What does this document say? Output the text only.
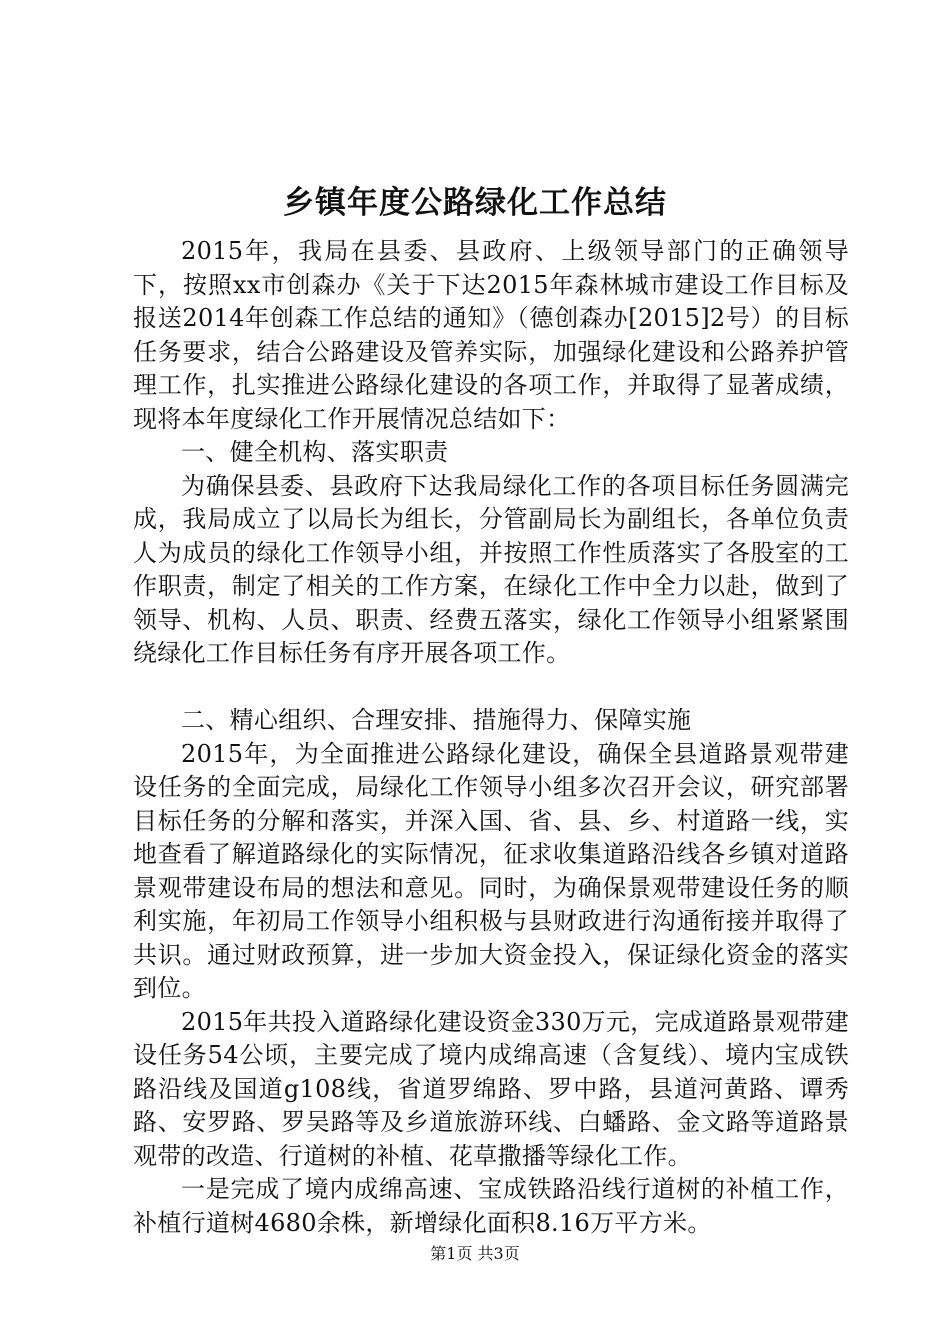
乡镇年度公路绿化工作总结

2015年，我局在县委、县政府、上级领导部门的正确领导下，按照xx市创森办《关于下达2015年森林城市建设工作目标及报送2014年创森工作总结的通知》（德创森办[2015]2号）的目标任务要求，结合公路建设及管养实际，加强绿化建设和公路养护管理工作，扎实推进公路绿化建设的各项工作，并取得了显著成绩，现将本年度绿化工作开展情况总结如下：

一、健全机构、落实职责

为确保县委、县政府下达我局绿化工作的各项目标任务圆满完成，我局成立了以局长为组长，分管副局长为副组长，各单位负责人为成员的绿化工作领导小组，并按照工作性质落实了各股室的工作职责，制定了相关的工作方案，在绿化工作中全力以赴，做到了领导、机构、人员、职责、经费五落实，绿化工作领导小组紧紧围绕绿化工作目标任务有序开展各项工作。

二、精心组织、合理安排、措施得力、保障实施

2015年，为全面推进公路绿化建设，确保全县道路景观带建设任务的全面完成，局绿化工作领导小组多次召开会议，研究部署目标任务的分解和落实，并深入国、省、县、乡、村道路一线，实地查看了解道路绿化的实际情况，征求收集道路沿线各乡镇对道路景观带建设布局的想法和意见。同时，为确保景观带建设任务的顺利实施，年初局工作领导小组积极与县财政进行沟通衔接并取得了共识。通过财政预算，进一步加大资金投入，保证绿化资金的落实到位。

2015年共投入道路绿化建设资金330万元，完成道路景观带建设任务54公顷，主要完成了境内成绵高速（含复线）、境内宝成铁路沿线及国道g108线，省道罗绵路、罗中路，县道河黄路、谭秀路、安罗路、罗吴路等及乡道旅游环线、白蟠路、金文路等道路景观带的改造、行道树的补植、花草撒播等绿化工作。

一是完成了境内成绵高速、宝成铁路沿线行道树的补植工作，补植行道树4680余株，新增绿化面积8.16万平方米。

第1页 共3页
